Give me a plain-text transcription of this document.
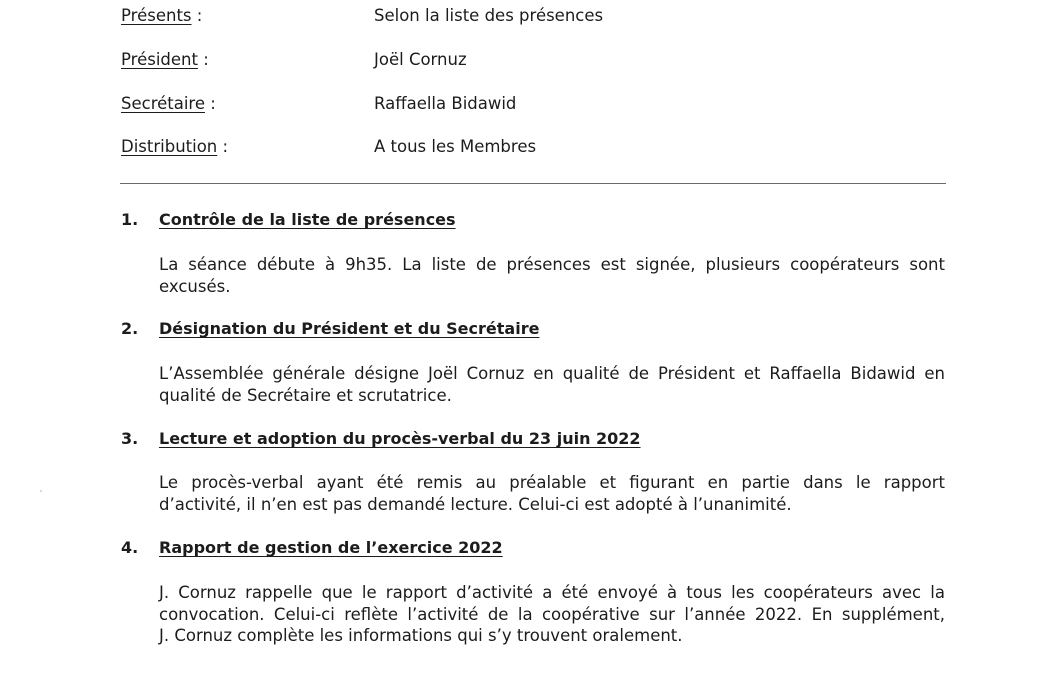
Présents :	Selon la liste des présences
Président :	Joël Cornuz
Secrétaire :	Raffaella Bidawid
Distribution :	A tous les Membres
1. Contrôle de la liste de présences
La séance débute à 9h35. La liste de présences est signée, plusieurs coopérateurs sont
excusés.
2. Désignation du Président et du Secrétaire
L’Assemblée générale désigne Joël Cornuz en qualité de Président et Raffaella Bidawid en
qualité de Secrétaire et scrutatrice.
3. Lecture et adoption du procès-verbal du 23 juin 2022
Le procès-verbal ayant été remis au préalable et figurant en partie dans le rapport
d’activité, il n’en est pas demandé lecture. Celui-ci est adopté à l’unanimité.
4. Rapport de gestion de l’exercice 2022
J. Cornuz rappelle que le rapport d’activité a été envoyé à tous les coopérateurs avec la
convocation. Celui-ci reflète l’activité de la coopérative sur l’année 2022. En supplément,
J. Cornuz complète les informations qui s’y trouvent oralement.
